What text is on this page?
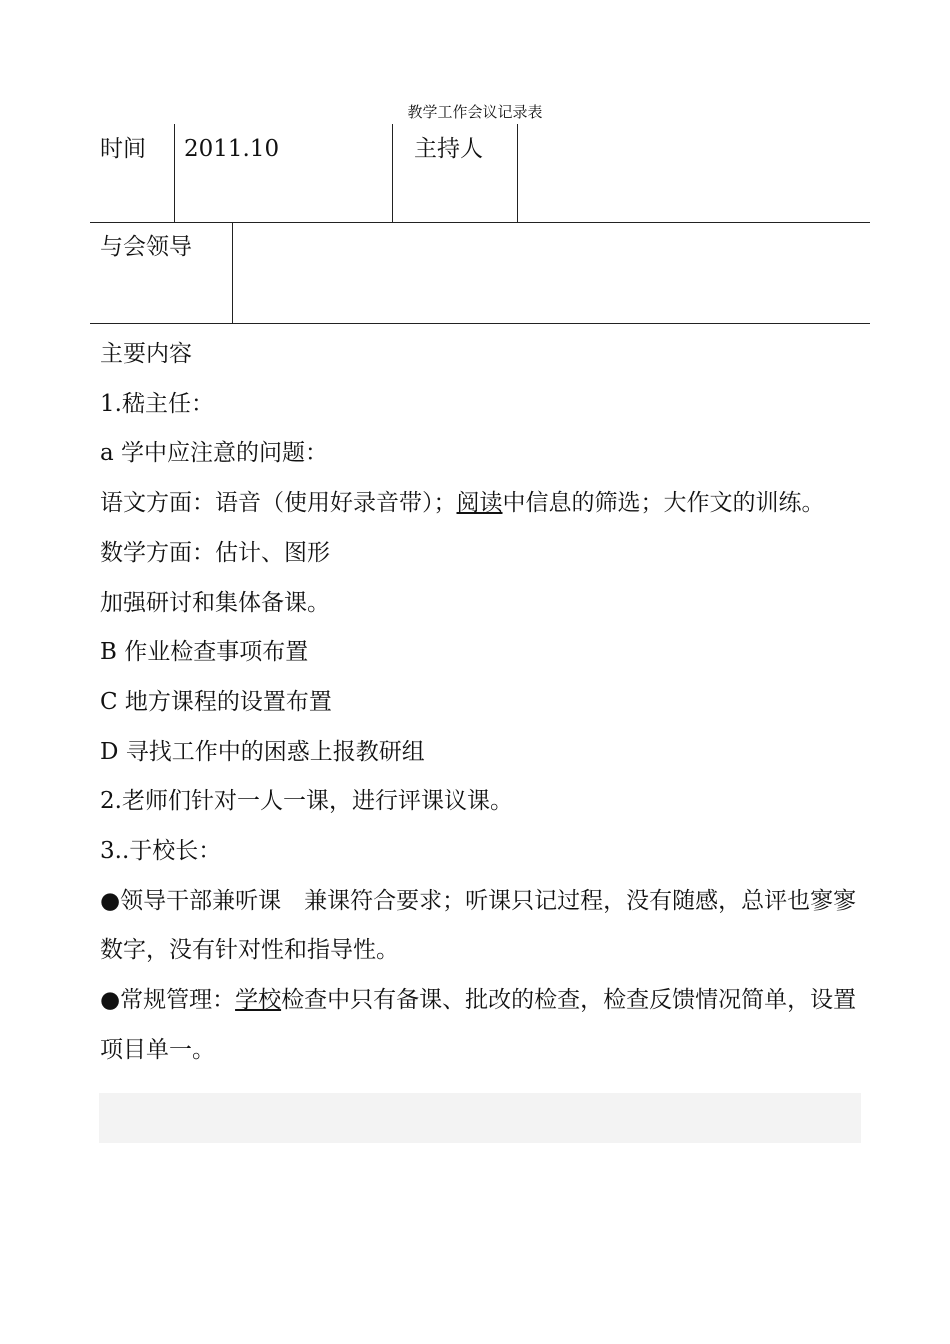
教学工作会议记录表
时间 2011.10	主持人
与会领导

主要内容

1.嵇主任：

a 学中应注意的问题：

语文方面：语音（使用好录音带）；阅读中信息的筛选；大作文的训练。

数学方面：估计、图形

加强研讨和集体备课。

B 作业检查事项布置

C 地方课程的设置布置

D 寻找工作中的困惑上报教研组

2.老师们针对一人一课，进行评课议课。

3..于校长：

●领导干部兼听课　兼课符合要求；听课只记过程，没有随感，总评也寥寥数字，没有针对性和指导性。

●常规管理：学校检查中只有备课、批改的检查，检查反馈情况简单，设置项目单一。
